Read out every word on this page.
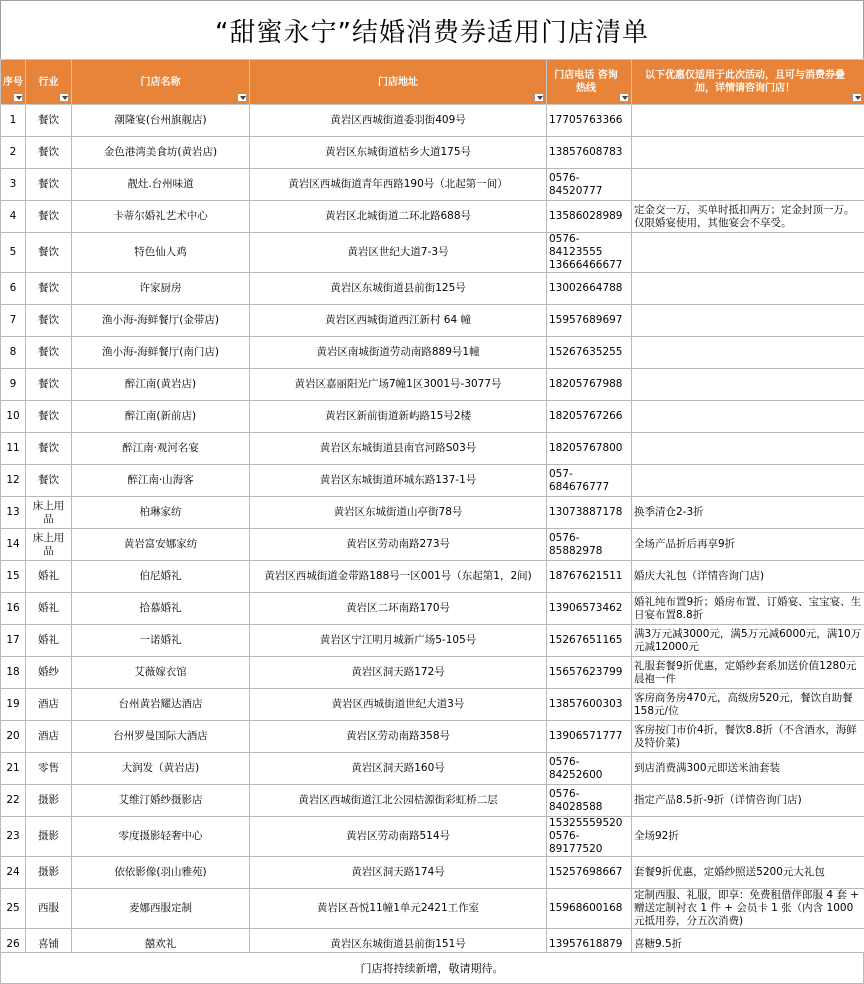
“甜蜜永宁”结婚消费券适用门店清单
序号	行业	门店名称	门店地址	门店电话 咨询热线	以下优惠仅适用于此次活动，且可与消费券叠加，详情请咨询门店！

1	餐饮	潮隆宴(台州旗舰店)	黄岩区西城街道委羽街409号	17705763366	
2	餐饮	金色港湾美食坊(黄岩店)	黄岩区东城街道桔乡大道175号	13857608783	
3	餐饮	靓灶.台州味道	黄岩区西城街道青年西路190号（北起第一间）	0576-84520777	
4	餐饮	卡蒂尔婚礼艺术中心	黄岩区北城街道二环北路688号	13586028989	定金交一万，买单时抵扣两万；定金封顶一万。仅限婚宴使用，其他宴会不享受。
5	餐饮	特色仙人鸡	黄岩区世纪大道7-3号	0576-84123555 13666466677	
6	餐饮	许家厨房	黄岩区东城街道县前街125号	13002664788	
7	餐饮	渔小海-海鲜餐厅(金带店)	黄岩区西城街道西江新村 64 幢	15957689697	
8	餐饮	渔小海-海鲜餐厅(南门店)	黄岩区南城街道劳动南路889号1幢	15267635255	
9	餐饮	醉江南(黄岩店)	黄岩区嘉丽阳光广场7幢1区3001号-3077号	18205767988	
10	餐饮	醉江南(新前店)	黄岩区新前街道新屿路15号2楼	18205767266	
11	餐饮	醉江南·观河名宴	黄岩区东城街道县南官河路S03号	18205767800	
12	餐饮	醉江南·山海客	黄岩区东城街道环城东路137-1号	057-684676777	
13	床上用品	柏琳家纺	黄岩区东城街道山亭街78号	13073887178	换季清仓2-3折
14	床上用品	黄岩富安娜家纺	黄岩区劳动南路273号	0576-85882978	全场产品折后再享9折
15	婚礼	伯尼婚礼	黄岩区西城街道金带路188号一区001号（东起第1，2间)	18767621511	婚庆大礼包（详情咨询门店)
16	婚礼	拾慕婚礼	黄岩区二环南路170号	13906573462	婚礼纯布置9折；婚房布置、订婚宴、宝宝宴、生日宴布置8.8折
17	婚礼	一诺婚礼	黄岩区宁江明月城新广场5-105号	15267651165	满3万元减3000元，满5万元减6000元，满10万元减12000元
18	婚纱	艾薇嫁衣馆	黄岩区洞天路172号	15657623799	礼服套餐9折优惠，定婚纱套系加送价值1280元晨袍一件
19	酒店	台州黄岩耀达酒店	黄岩区西城街道世纪大道3号	13857600303	客房商务房470元，高级房520元，餐饮自助餐158元/位
20	酒店	台州罗曼国际大酒店	黄岩区劳动南路358号	13906571777	客房按门市价4折，餐饮8.8折（不含酒水，海鲜及特价菜)
21	零售	大润发（黄岩店)	黄岩区洞天路160号	0576-84252600	到店消费满300元即送米油套装
22	摄影	艾维汀婚纱摄影店	黄岩区西城街道江北公园桔源街彩虹桥二层	0576-84028588	指定产品8.5折-9折（详情咨询门店)
23	摄影	零度摄影轻奢中心	黄岩区劳动南路514号	15325559520 0576-89177520	全场92折
24	摄影	依依影像(羽山雅苑)	黄岩区洞天路174号	15257698667	套餐9折优惠，定婚纱照送5200元大礼包
25	西服	麦娜西服定制	黄岩区吾悦11幢1单元2421工作室	15968600168	定制西服、礼服，即享：免费租借伴郎服 4 套 + 赠送定制衬衣 1 件 + 会员卡 1 张（内含 1000 元抵用券，分五次消费)
26	喜铺	囍欢礼	黄岩区东城街道县前街151号	13957618879	喜糖9.5折
门店将持续新增，敬请期待。
